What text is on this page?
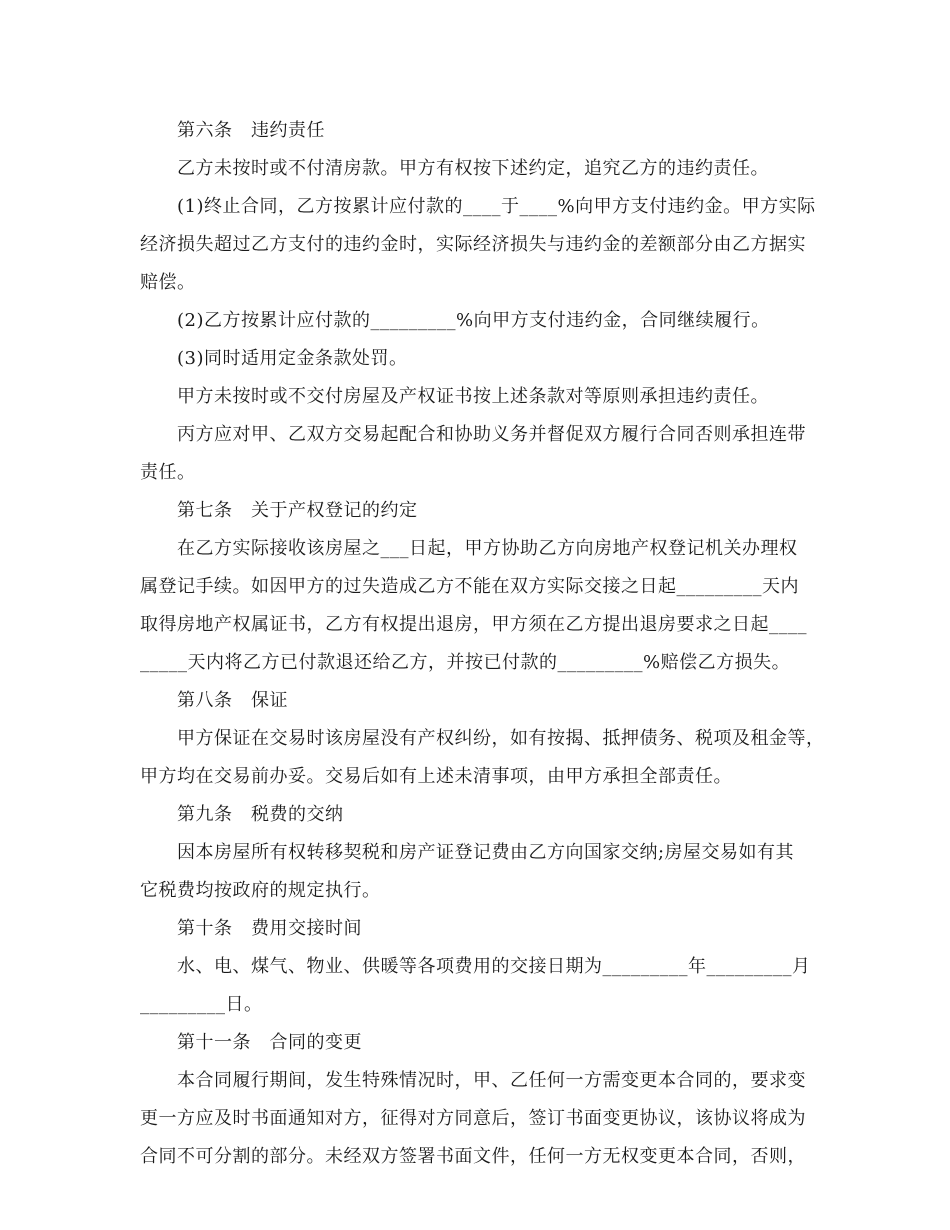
第六条　违约责任
乙方未按时或不付清房款。甲方有权按下述约定，追究乙方的违约责任。
(1)终止合同，乙方按累计应付款的____于____%向甲方支付违约金。甲方实际
经济损失超过乙方支付的违约金时，实际经济损失与违约金的差额部分由乙方据实
赔偿。
(2)乙方按累计应付款的_________%向甲方支付违约金，合同继续履行。
(3)同时适用定金条款处罚。
甲方未按时或不交付房屋及产权证书按上述条款对等原则承担违约责任。
丙方应对甲、乙双方交易起配合和协助义务并督促双方履行合同否则承担连带
责任。
第七条　关于产权登记的约定
在乙方实际接收该房屋之___日起，甲方协助乙方向房地产权登记机关办理权
属登记手续。如因甲方的过失造成乙方不能在双方实际交接之日起_________天内
取得房地产权属证书，乙方有权提出退房，甲方须在乙方提出退房要求之日起____
_____天内将乙方已付款退还给乙方，并按已付款的_________%赔偿乙方损失。
第八条　保证
甲方保证在交易时该房屋没有产权纠纷，如有按揭、抵押债务、税项及租金等，
甲方均在交易前办妥。交易后如有上述未清事项，由甲方承担全部责任。
第九条　税费的交纳
因本房屋所有权转移契税和房产证登记费由乙方向国家交纳;房屋交易如有其
它税费均按政府的规定执行。
第十条　费用交接时间
水、电、煤气、物业、供暖等各项费用的交接日期为_________年_________月
_________日。
第十一条　合同的变更
本合同履行期间，发生特殊情况时，甲、乙任何一方需变更本合同的，要求变
更一方应及时书面通知对方，征得对方同意后，签订书面变更协议，该协议将成为
合同不可分割的部分。未经双方签署书面文件，任何一方无权变更本合同，否则，
